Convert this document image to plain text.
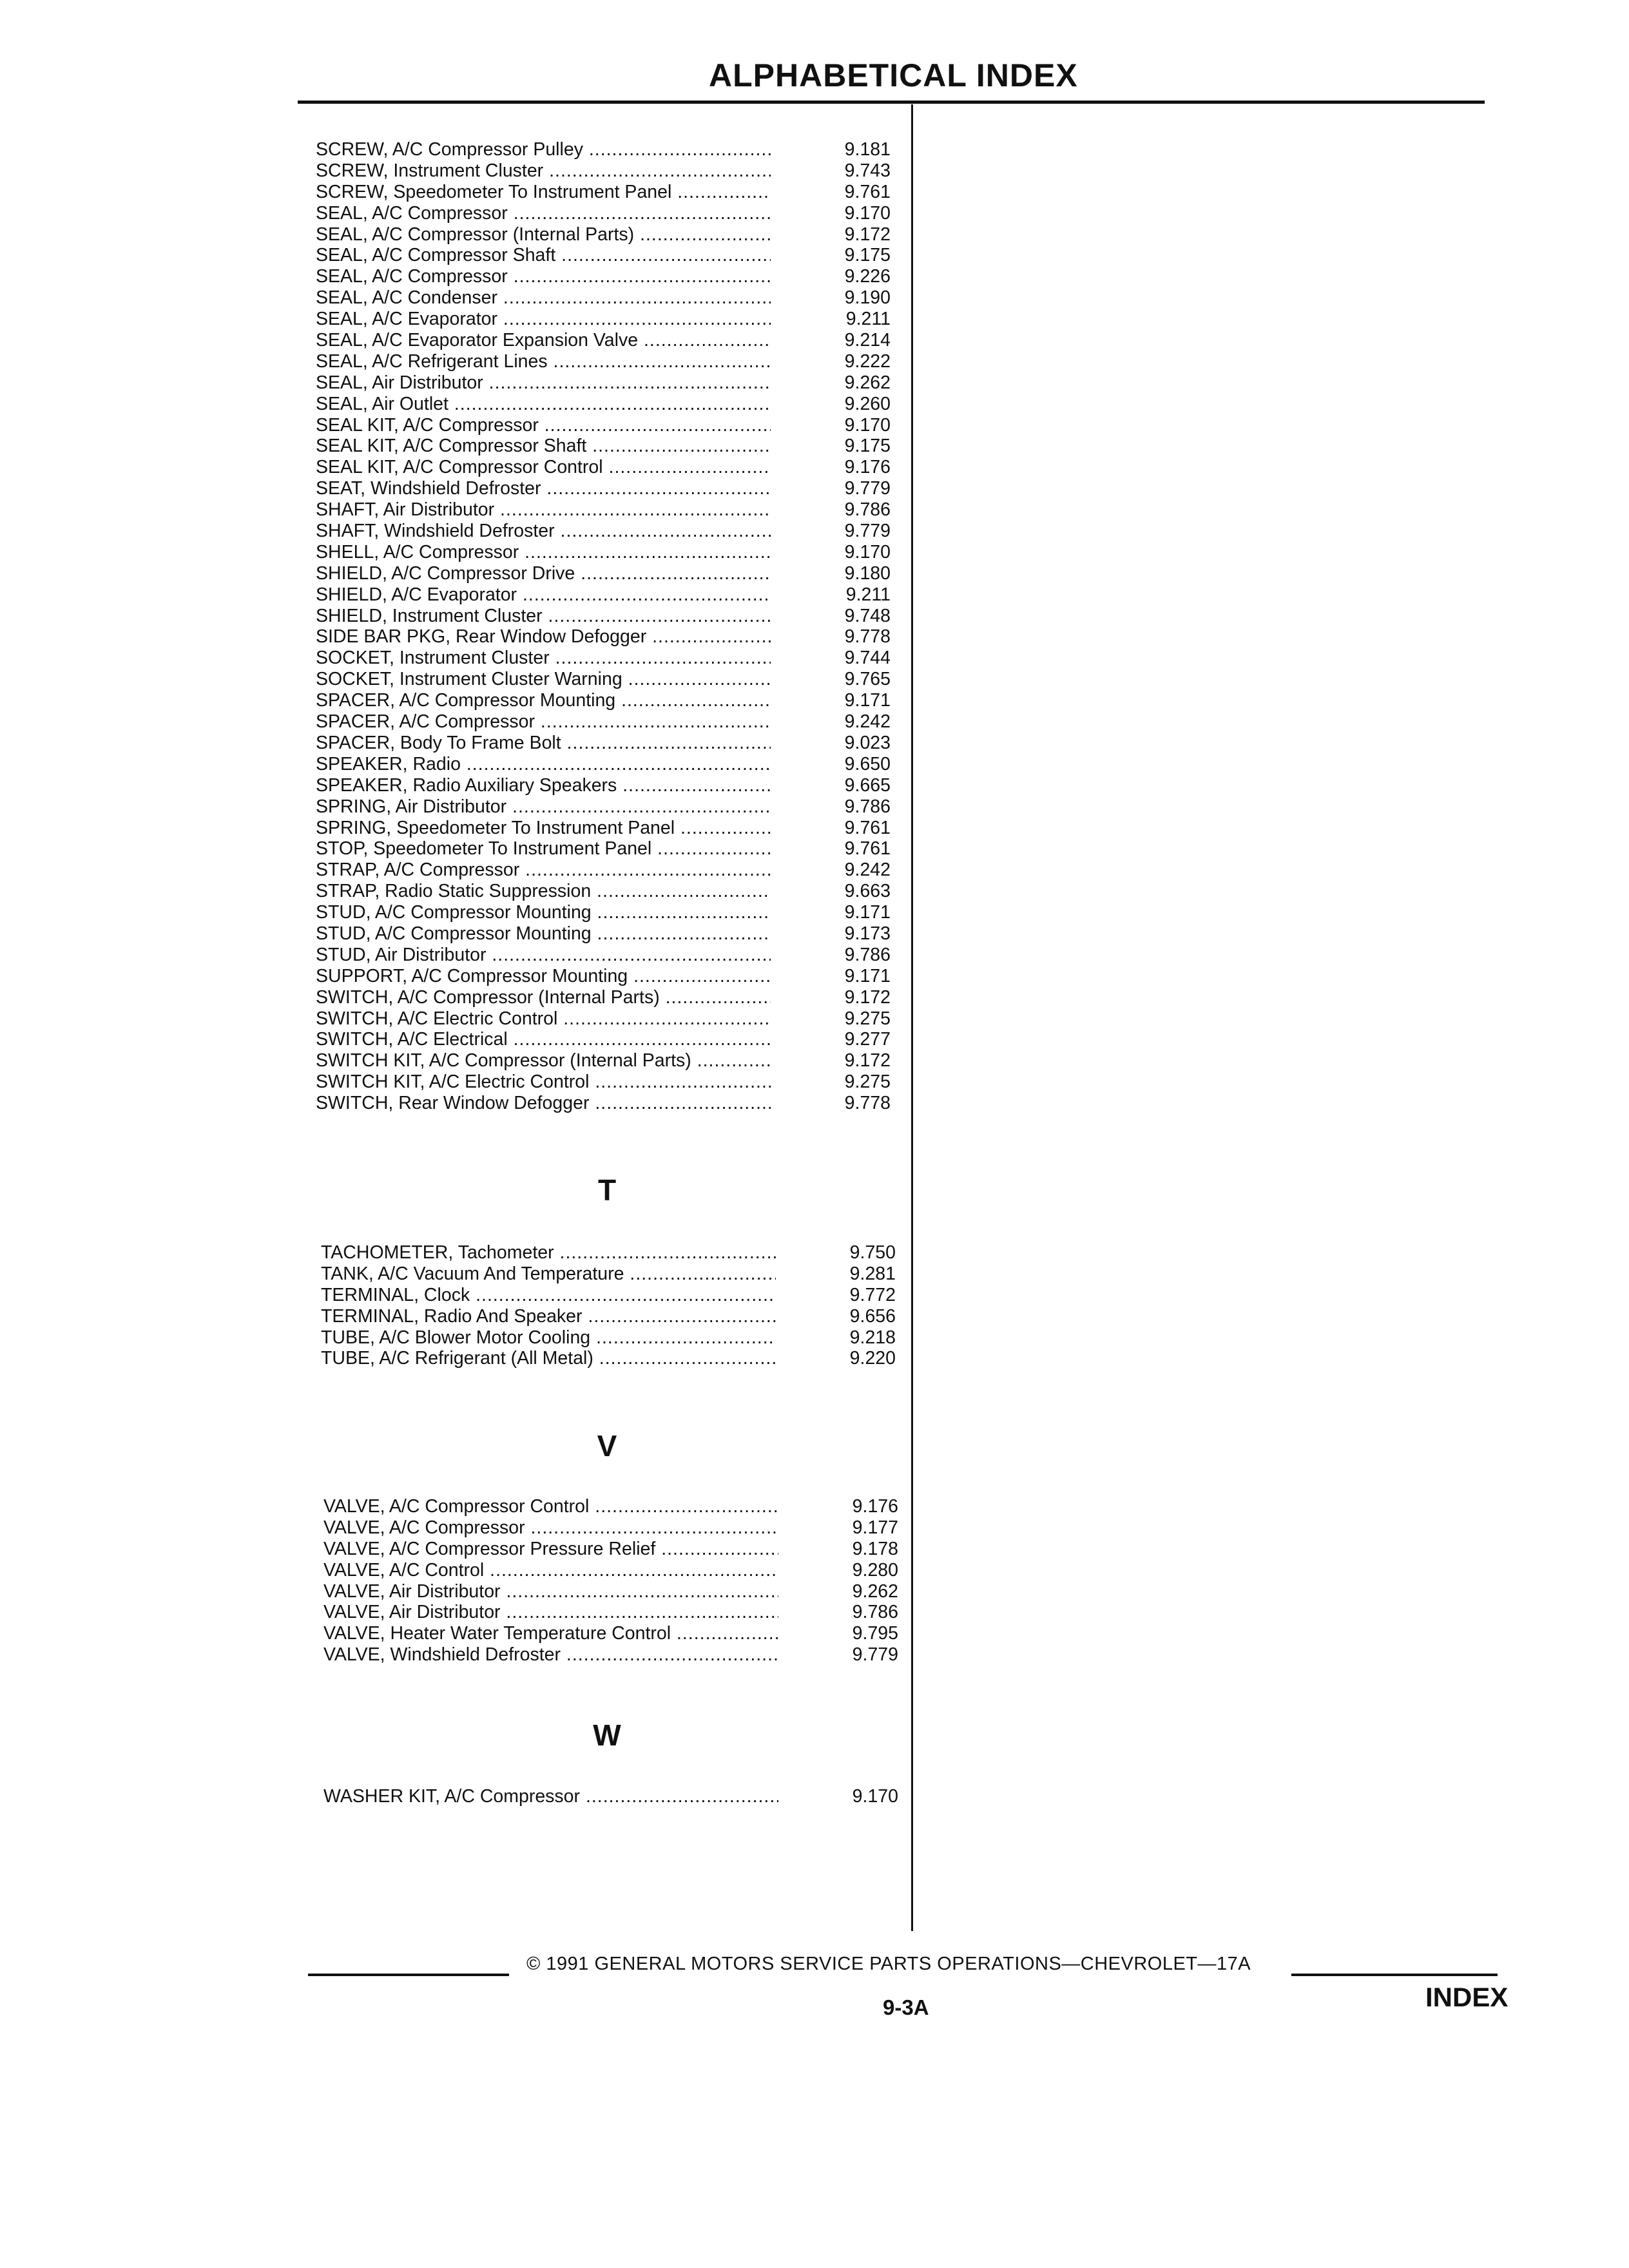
ALPHABETICAL INDEX
SCREW, A/C Compressor Pulley .....	9.181
SCREW, Instrument Cluster .....	9.743
SCREW, Speedometer To Instrument Panel .....	9.761
SEAL, A/C Compressor .....	9.170
SEAL, A/C Compressor (Internal Parts) .....	9.172
SEAL, A/C Compressor Shaft .....	9.175
SEAL, A/C Compressor .....	9.226
SEAL, A/C Condenser .....	9.190
SEAL, A/C Evaporator .....	9.211
SEAL, A/C Evaporator Expansion Valve .....	9.214
SEAL, A/C Refrigerant Lines .....	9.222
SEAL, Air Distributor .....	9.262
SEAL, Air Outlet .....	9.260
SEAL KIT, A/C Compressor .....	9.170
SEAL KIT, A/C Compressor Shaft .....	9.175
SEAL KIT, A/C Compressor Control .....	9.176
SEAT, Windshield Defroster .....	9.779
SHAFT, Air Distributor .....	9.786
SHAFT, Windshield Defroster .....	9.779
SHELL, A/C Compressor .....	9.170
SHIELD, A/C Compressor Drive .....	9.180
SHIELD, A/C Evaporator .....	9.211
SHIELD, Instrument Cluster .....	9.748
SIDE BAR PKG, Rear Window Defogger .....	9.778
SOCKET, Instrument Cluster .....	9.744
SOCKET, Instrument Cluster Warning .....	9.765
SPACER, A/C Compressor Mounting .....	9.171
SPACER, A/C Compressor .....	9.242
SPACER, Body To Frame Bolt .....	9.023
SPEAKER, Radio .....	9.650
SPEAKER, Radio Auxiliary Speakers .....	9.665
SPRING, Air Distributor .....	9.786
SPRING, Speedometer To Instrument Panel .....	9.761
STOP, Speedometer To Instrument Panel .....	9.761
STRAP, A/C Compressor .....	9.242
STRAP, Radio Static Suppression .....	9.663
STUD, A/C Compressor Mounting .....	9.171
STUD, A/C Compressor Mounting .....	9.173
STUD, Air Distributor .....	9.786
SUPPORT, A/C Compressor Mounting .....	9.171
SWITCH, A/C Compressor (Internal Parts) .....	9.172
SWITCH, A/C Electric Control .....	9.275
SWITCH, A/C Electrical .....	9.277
SWITCH KIT, A/C Compressor (Internal Parts) .....	9.172
SWITCH KIT, A/C Electric Control .....	9.275
SWITCH, Rear Window Defogger .....	9.778
T
TACHOMETER, Tachometer .....	9.750
TANK, A/C Vacuum And Temperature .....	9.281
TERMINAL, Clock .....	9.772
TERMINAL, Radio And Speaker .....	9.656
TUBE, A/C Blower Motor Cooling .....	9.218
TUBE, A/C Refrigerant (All Metal) .....	9.220
V
VALVE, A/C Compressor Control .....	9.176
VALVE, A/C Compressor .....	9.177
VALVE, A/C Compressor Pressure Relief .....	9.178
VALVE, A/C Control .....	9.280
VALVE, Air Distributor .....	9.262
VALVE, Air Distributor .....	9.786
VALVE, Heater Water Temperature Control .....	9.795
VALVE, Windshield Defroster .....	9.779
W
WASHER KIT, A/C Compressor .....	9.170
© 1991 GENERAL MOTORS SERVICE PARTS OPERATIONS—CHEVROLET—17A
9-3A	INDEX
